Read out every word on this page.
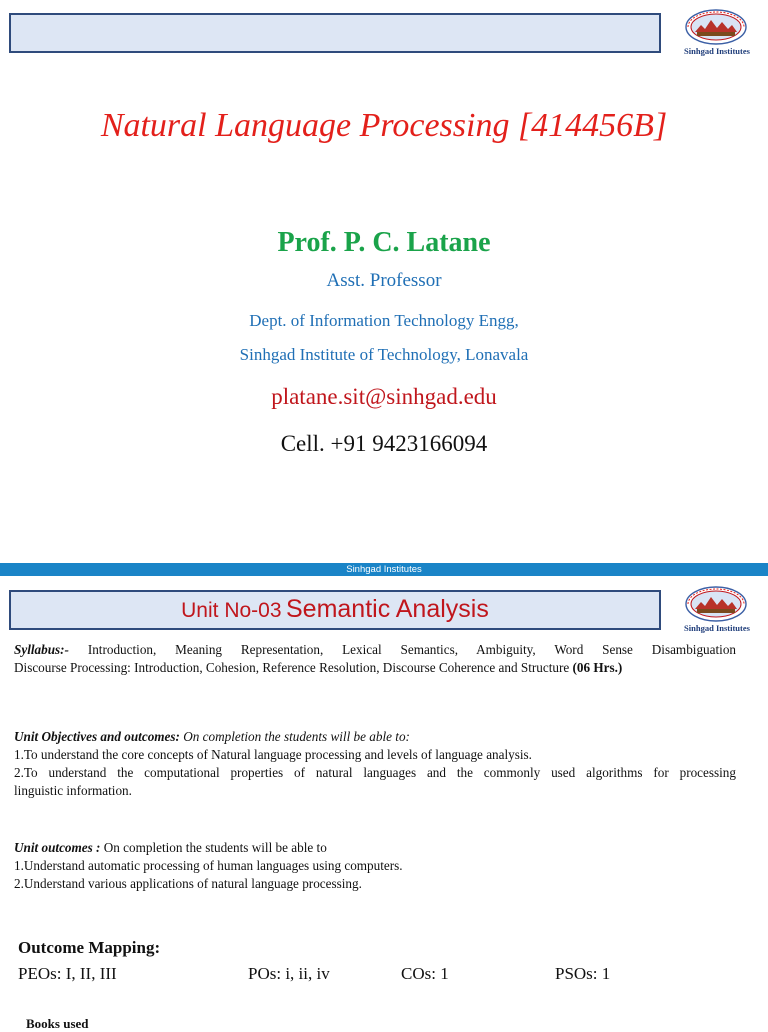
Sinhgad Institutes
Natural Language Processing [414456B]
Prof. P. C. Latane
Asst. Professor
Dept. of Information Technology Engg,
Sinhgad Institute of Technology, Lonavala
platane.sit@sinhgad.edu
Cell. +91 9423166094
Sinhgad Institutes
Unit No-03 Semantic Analysis
Sinhgad Institutes
Syllabus:- Introduction, Meaning Representation, Lexical Semantics, Ambiguity, Word Sense Disambiguation
Discourse Processing: Introduction, Cohesion, Reference Resolution, Discourse Coherence and Structure (06 Hrs.)
Unit Objectives and outcomes: On completion the students will be able to:
1.To understand the core concepts of Natural language processing and levels of language analysis.
2.To understand the computational properties of natural languages and the commonly used algorithms for processing
linguistic information.
Unit outcomes : On completion the students will be able to
1.Understand automatic processing of human languages using computers.
2.Understand various applications of natural language processing.
Outcome Mapping:
PEOs: I, II, III	POs: i, ii, iv	COs: 1	PSOs: 1
Books used
